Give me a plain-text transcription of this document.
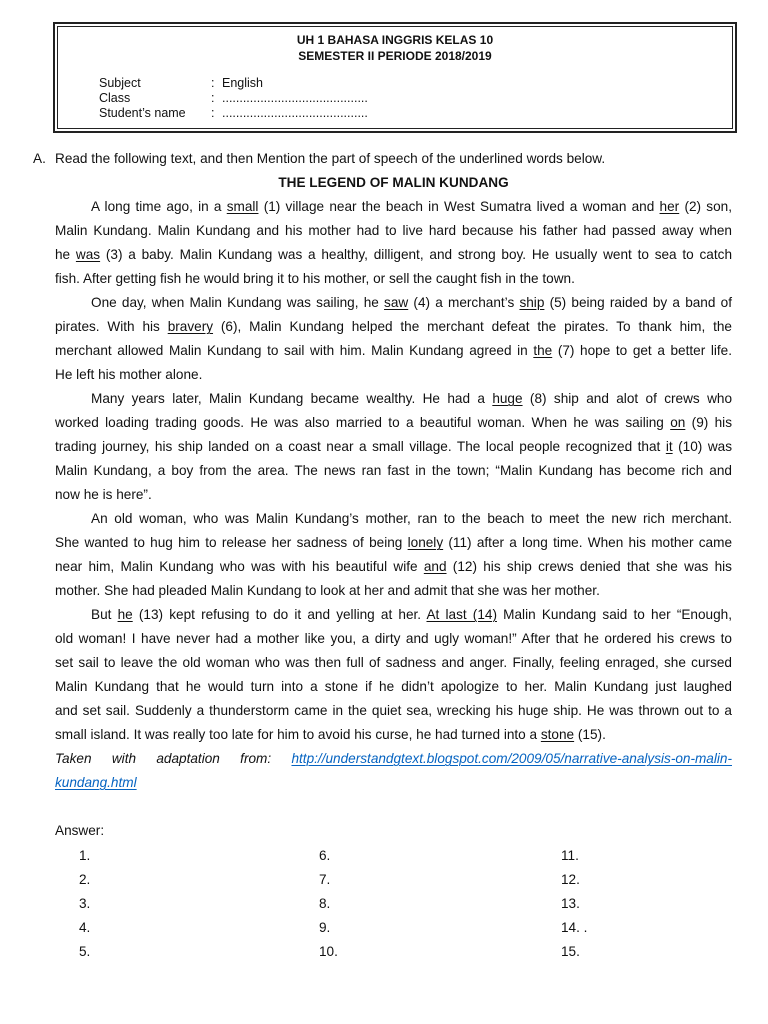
UH 1 BAHASA INGGRIS KELAS 10
SEMESTER II PERIODE 2018/2019
Subject	: English
Class	: ..........................................
Student’s name : ..........................................
A. Read the following text, and then Mention the part of speech of the underlined words below.
THE LEGEND OF MALIN KUNDANG
A long time ago, in a small (1) village near the beach in West Sumatra lived a woman and her (2) son,
Malin Kundang. Malin Kundang and his mother had to live hard because his father had passed away when
he was (3) a baby. Malin Kundang was a healthy, dilligent, and strong boy. He usually went to sea to catch
fish. After getting fish he would bring it to his mother, or sell the caught fish in the town.
One day, when Malin Kundang was sailing, he saw (4) a merchant’s ship (5) being raided by a band of
pirates. With his bravery (6), Malin Kundang helped the merchant defeat the pirates. To thank him, the
merchant allowed Malin Kundang to sail with him. Malin Kundang agreed in the (7) hope to get a better life.
He left his mother alone.
Many years later, Malin Kundang became wealthy. He had a huge (8) ship and alot of crews who
worked loading trading goods. He was also married to a beautiful woman. When he was sailing on (9) his
trading journey, his ship landed on a coast near a small village. The local people recognized that it (10) was
Malin Kundang, a boy from the area. The news ran fast in the town; “Malin Kundang has become rich and
now he is here”.
An old woman, who was Malin Kundang’s mother, ran to the beach to meet the new rich merchant.
She wanted to hug him to release her sadness of being lonely (11) after a long time. When his mother came
near him, Malin Kundang who was with his beautiful wife and (12) his ship crews denied that she was his
mother. She had pleaded Malin Kundang to look at her and admit that she was her mother.
But he (13) kept refusing to do it and yelling at her. At last (14) Malin Kundang said to her “Enough,
old woman! I have never had a mother like you, a dirty and ugly woman!” After that he ordered his crews to
set sail to leave the old woman who was then full of sadness and anger. Finally, feeling enraged, she cursed
Malin Kundang that he would turn into a stone if he didn’t apologize to her. Malin Kundang just laughed
and set sail. Suddenly a thunderstorm came in the quiet sea, wrecking his huge ship. He was thrown out to a
small island. It was really too late for him to avoid his curse, he had turned into a stone (15).
Taken with adaptation from: http://understandgtext.blogspot.com/2009/05/narrative-analysis-on-malin-
kundang.html
Answer:
1.
2.
3.
4.
5.
6.
7.
8.
9.
10.
11.
12.
13.
14. .
15.
